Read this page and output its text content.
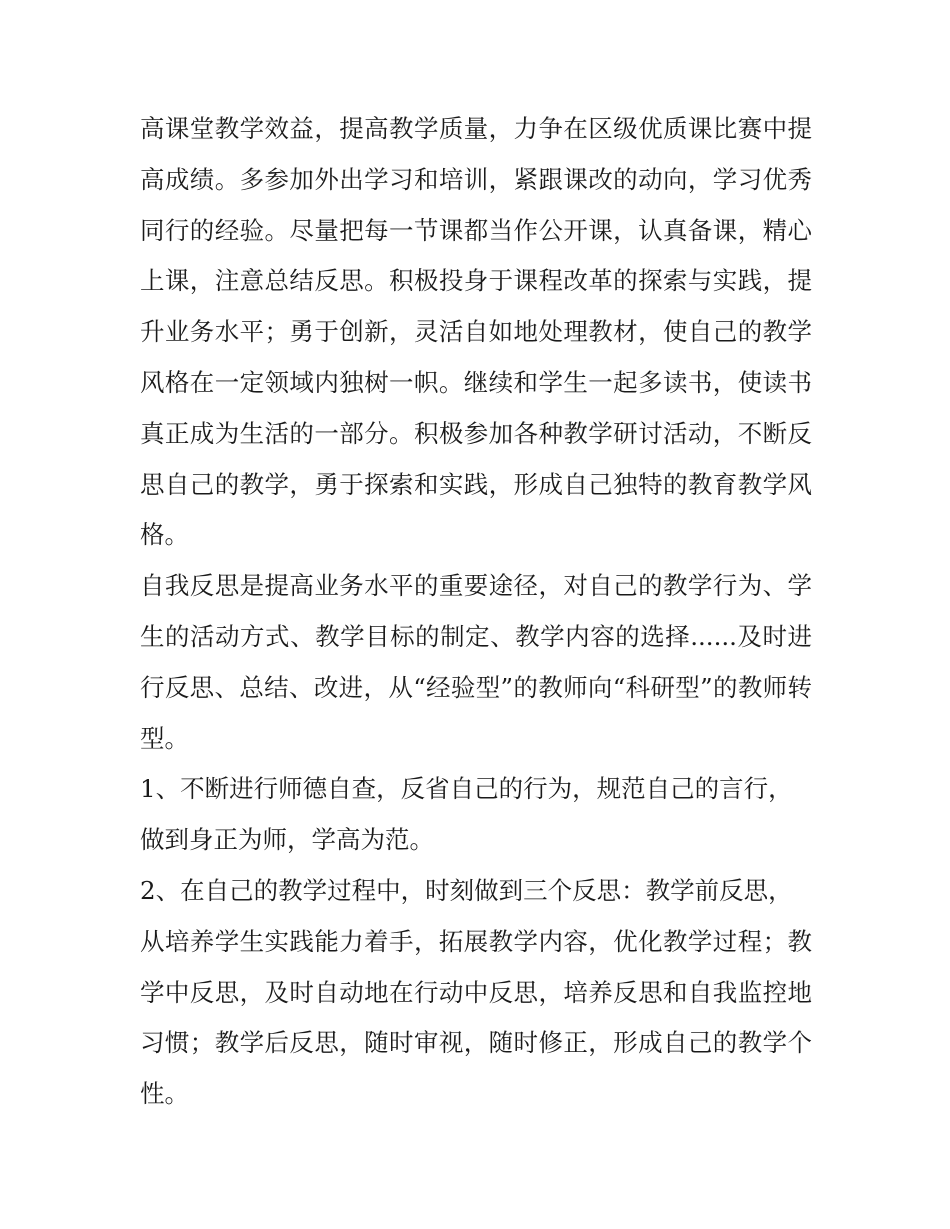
高课堂教学效益，提高教学质量，力争在区级优质课比赛中提
高成绩。多参加外出学习和培训，紧跟课改的动向，学习优秀
同行的经验。尽量把每一节课都当作公开课，认真备课，精心
上课，注意总结反思。积极投身于课程改革的探索与实践，提
升业务水平；勇于创新，灵活自如地处理教材，使自己的教学
风格在一定领域内独树一帜。继续和学生一起多读书，使读书
真正成为生活的一部分。积极参加各种教学研讨活动，不断反
思自己的教学，勇于探索和实践，形成自己独特的教育教学风
格。
自我反思是提高业务水平的重要途径，对自己的教学行为、学
生的活动方式、教学目标的制定、教学内容的选择......及时进
行反思、总结、改进，从“经验型”的教师向“科研型”的教师转
型。
1、不断进行师德自查，反省自己的行为，规范自己的言行，
做到身正为师，学高为范。
2、在自己的教学过程中，时刻做到三个反思：教学前反思，
从培养学生实践能力着手，拓展教学内容，优化教学过程；教
学中反思，及时自动地在行动中反思，培养反思和自我监控地
习惯；教学后反思，随时审视，随时修正，形成自己的教学个
性。
